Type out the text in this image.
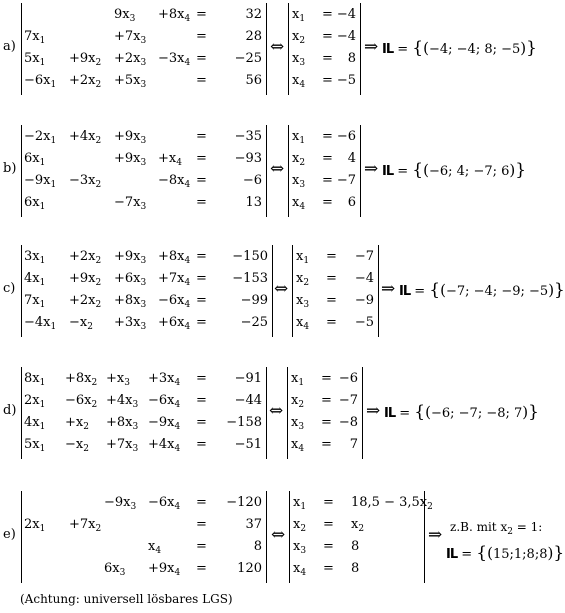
a)
$9x_3 +8x_4$ =	32
$7x_1$	$+7x_3$	=	28
$5x_1 +9x_2 +2x_3 -3x_4$ =	−25
$-6x_1 +2x_2 +5x_3$	=	56
⇔
$x_1 = -4$
$x_2 = -4$
$x_3$ =	8
$x_4 = -5$
⇒ IL = {(−4; −4; 8; −5)}
b)
$-2x_1 +4x_2 +9x_3$	=	−35
$6x_1$	$+9x_3 +x_4$ =	−93
$-9x_1 -3x_2$	$-8x_4$ =	−6
$6x_1$	$-7x_3$	=	13
⇔
$x_1 = -6$
$x_2$ =	4
$x_3 = -7$
$x_4$ =	6
⇒ IL = {(−6; 4; −7; 6)}
c)
$3x_1 +2x_2 +9x_3 +8x_4$ =	−150
$4x_1 +9x_2 +6x_3 +7x_4$ =	−153
$7x_1 +2x_2 +8x_3 -6x_4$ =	−99
$-4x_1 -x_2 +3x_3 +6x_4$ =	−25
⇔
$x_1$ =	−7
$x_2$ =	−4
$x_3$ =	−9
$x_4$ =	−5
⇒ IL = {(−7; −4; −9; −5)}
d)
$8x_1 +8x_2 +x_3 +3x_4$ =	−91
$2x_1 -6x_2 +4x_3 -6x_4$ =	−44
$4x_1 +x_2 +8x_3 -9x_4$ =	−158
$5x_1 -x_2 +7x_3 +4x_4$ =	−51
⇔
$x_1 = -6$
$x_2 = -7$
$x_3 = -8$
$x_4$ =	7
⇒ IL = {(−6; −7; −8; 7)}
e)
$-9x_3 -6x_4$ =	−120
$2x_1 +7x_2$	=	37
$x_4$	=	8
$6x_3 +9x_4$ =	120
⇔
$x_1 = 18,5 - 3,5x_2$
$x_2 = x_2$
$x_3 = 8$
$x_4 = 8$
⇒ z.B. mit $x_2 = 1$:
IL = {(15;1;8;8)}
(Achtung: universell lösbares LGS)
